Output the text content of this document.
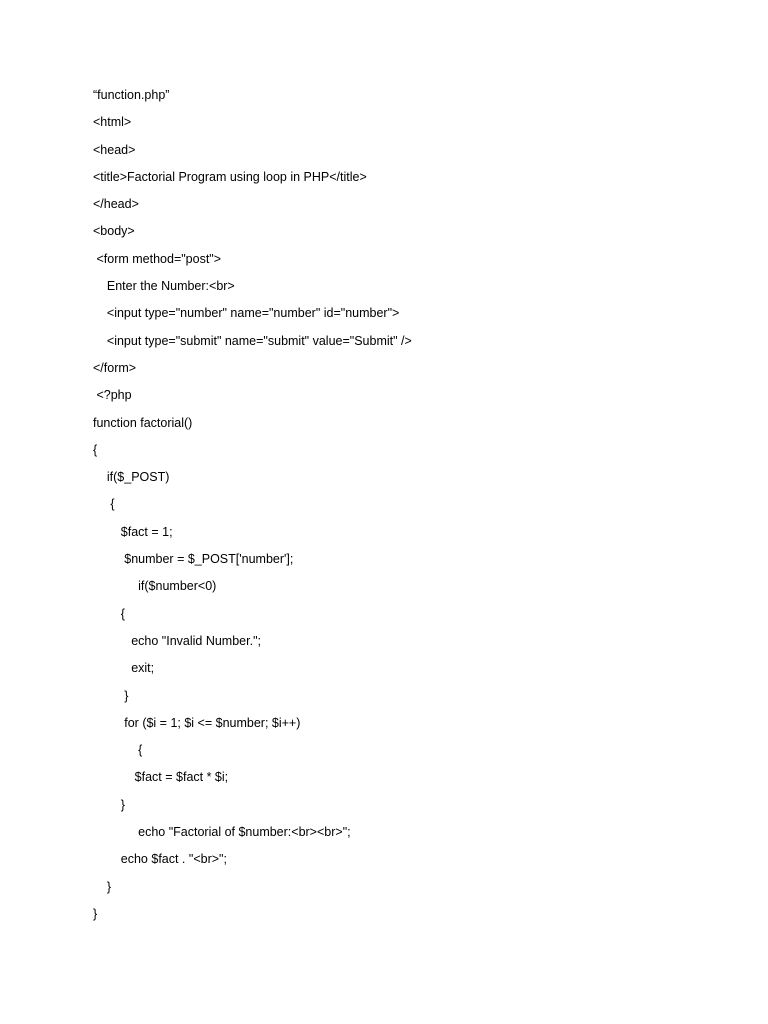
“function.php”
<html>
<head>
<title>Factorial Program using loop in PHP</title>
</head>
<body>
<form method="post">
Enter the Number:<br>
<input type="number" name="number" id="number">
<input type="submit" name="submit" value="Submit" />
</form>
<?php
function factorial()
{
if($_POST)
{
$fact = 1;
$number = $_POST['number'];
if($number<0)
{
echo "Invalid Number.";
exit;
}
for ($i = 1; $i <= $number; $i++)
{
$fact = $fact * $i;
}
echo "Factorial of $number:<br><br>";
echo $fact . "<br>";
}
}
